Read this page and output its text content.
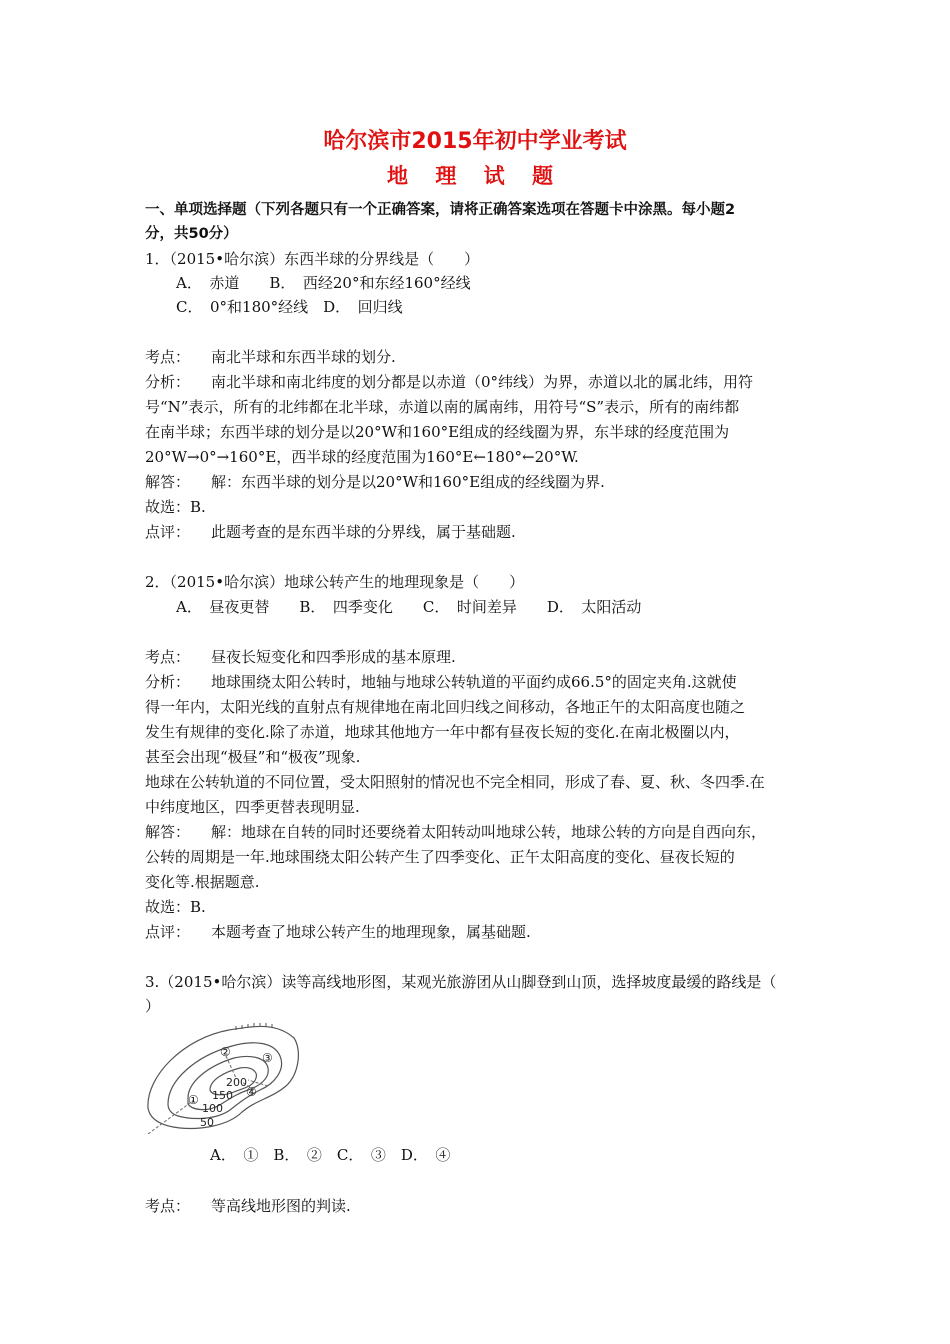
哈尔滨市2015年初中学业考试
地 理 试 题
一、单项选择题（下列各题只有一个正确答案，请将正确答案选项在答题卡中涂黑。每小题2
分，共50分）
1．（2015•哈尔滨）东西半球的分界线是（　　）
A．　赤道　　B．　西经20°和东经160°经线
C．　0°和180°经线　D．　回归线
考点： 南北半球和东西半球的划分.
分析： 南北半球和南北纬度的划分都是以赤道（0°纬线）为界，赤道以北的属北纬，用符
号“N”表示，所有的北纬都在北半球，赤道以南的属南纬，用符号“S”表示，所有的南纬都
在南半球；东西半球的划分是以20°W和160°E组成的经线圈为界，东半球的经度范围为
20°W→0°→160°E，西半球的经度范围为160°E←180°←20°W.
解答： 解：东西半球的划分是以20°W和160°E组成的经线圈为界.
故选：B.
点评： 此题考查的是东西半球的分界线，属于基础题.
2．（2015•哈尔滨）地球公转产生的地理现象是（　　）
A．　昼夜更替　　B．　四季变化　　C．　时间差异　　D．　太阳活动
考点： 昼夜长短变化和四季形成的基本原理.
分析： 地球围绕太阳公转时，地轴与地球公转轨道的平面约成66.5°的固定夹角.这就使
得一年内，太阳光线的直射点有规律地在南北回归线之间移动，各地正午的太阳高度也随之
发生有规律的变化.除了赤道，地球其他地方一年中都有昼夜长短的变化.在南北极圈以内，
甚至会出现“极昼”和“极夜”现象.
地球在公转轨道的不同位置，受太阳照射的情况也不完全相同，形成了春、夏、秋、冬四季.在
中纬度地区，四季更替表现明显.
解答： 解：地球在自转的同时还要绕着太阳转动叫地球公转，地球公转的方向是自西向东，
公转的周期是一年.地球围绕太阳公转产生了四季变化、正午太阳高度的变化、昼夜长短的
变化等.根据题意.
故选：B.
点评： 本题考查了地球公转产生的地理现象，属基础题.
3.（2015•哈尔滨）读等高线地形图，某观光旅游团从山脚登到山顶，选择坡度最缓的路线是（
）
①
②	③
④
200
150
100
50
A．　①　B．　②　C．　③　D．　④
考点： 等高线地形图的判读.
